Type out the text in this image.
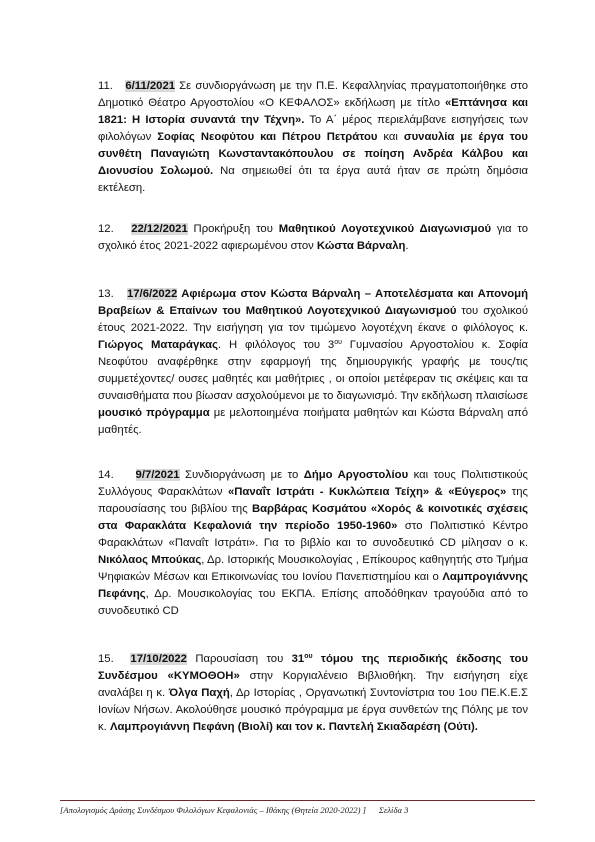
11. 6/11/2021 Σε συνδιοργάνωση με την Π.Ε. Κεφαλληνίας πραγματοποιήθηκε στο Δημοτικό Θέατρο Αργοστολίου «Ο ΚΕΦΑΛΟΣ» εκδήλωση με τίτλο «Επτάνησα και 1821: Η Ιστορία συναντά την Τέχνη». Το Α΄ μέρος περιελάμβανε εισηγήσεις των φιλολόγων Σοφίας Νεοφύτου και Πέτρου Πετράτου και συναυλία με έργα του συνθέτη Παναγιώτη Κωνσταντακόπουλου σε ποίηση Ανδρέα Κάλβου και Διονυσίου Σολωμού. Να σημειωθεί ότι τα έργα αυτά ήταν σε πρώτη δημόσια εκτέλεση.

12. 22/12/2021 Προκήρυξη του Μαθητικού Λογοτεχνικού Διαγωνισμού για το σχολικό έτος 2021-2022 αφιερωμένου στον Κώστα Βάρναλη.

13. 17/6/2022 Αφιέρωμα στον Κώστα Βάρναλη – Αποτελέσματα και Απονομή Βραβείων & Επαίνων του Μαθητικού Λογοτεχνικού Διαγωνισμού του σχολικού έτους 2021-2022. Την εισήγηση για τον τιμώμενο λογοτέχνη έκανε ο φιλόλογος κ. Γιώργος Ματαράγκας. Η φιλόλογος του $3^{o\upsilon}$ Γυμνασίου Αργοστολίου κ. Σοφία Νεοφύτου αναφέρθηκε στην εφαρμογή της δημιουργικής γραφής με τους/τις συμμετέχοντες/ ουσες μαθητές και μαθήτριες , οι οποίοι μετέφεραν τις σκέψεις και τα συναισθήματα που βίωσαν ασχολούμενοι με το διαγωνισμό. Την εκδήλωση πλαισίωσε μουσικό πρόγραμμα με μελοποιημένα ποιήματα μαθητών και Κώστα Βάρναλη από μαθητές.

14. 9/7/2021 Συνδιοργάνωση με το Δήμο Αργοστολίου και τους Πολιτιστικούς Συλλόγους Φαρακλάτων «Παναΐτ Ιστράτι - Κυκλώπεια Τείχη» & «Εύγερος» της παρουσίασης του βιβλίου της Βαρβάρας Κοσμάτου «Χορός & κοινοτικές σχέσεις στα Φαρακλάτα Κεφαλονιά την περίοδο 1950-1960» στο Πολιτιστικό Κέντρο Φαρακλάτων «Παναΐτ Ιστράτι». Για το βιβλίο και το συνοδευτικό CD μίλησαν ο κ. Νικόλαος Μπούκας, Δρ. Ιστορικής Μουσικολογίας , Επίκουρος καθηγητής στο Τμήμα Ψηφιακών Μέσων και Επικοινωνίας του Ιονίου Πανεπιστημίου και ο Λαμπρογιάννης Πεφάνης, Δρ. Μουσικολογίας του ΕΚΠΑ. Επίσης αποδόθηκαν τραγούδια από το συνοδευτικό CD

15. 17/10/2022 Παρουσίαση του $31^{o\upsilon}$ τόμου της περιοδικής έκδοσης του Συνδέσμου «ΚΥΜΟΘΟΗ» στην Κοργιαλένειο Βιβλιοθήκη. Την εισήγηση είχε αναλάβει η κ. Όλγα Παχή, Δρ Ιστορίας , Οργανωτική Συντονίστρια του 1ου ΠΕ.Κ.Ε.Σ Ιονίων Νήσων. Ακολούθησε μουσικό πρόγραμμα με έργα συνθετών της Πόλης με τον κ. Λαμπρογιάννη Πεφάνη (Βιολί) και τον κ. Παντελή Σκιαδαρέση (Ούτι).

[Απολογισμός Δράσης Συνδέσμου Φιλολόγων Κεφαλονιάς – Ιθάκης (Θητεία 2020-2022) ] Σελίδα 3
